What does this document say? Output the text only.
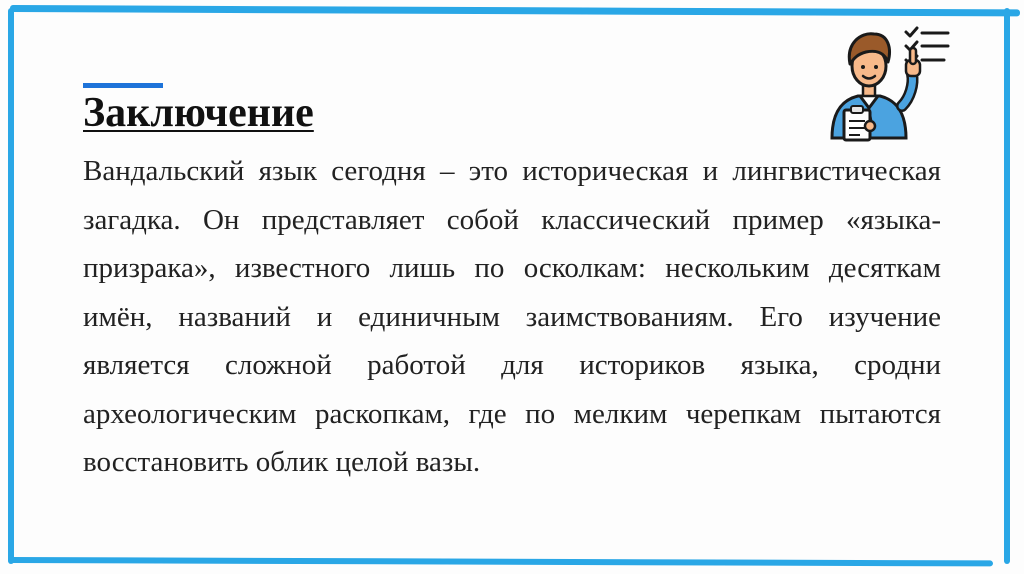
Заключение

Вандальский язык сегодня – это историческая и лингвистическая загадка. Он представляет собой классический пример «языка-призрака», известного лишь по осколкам: нескольким десяткам имён, названий и единичным заимствованиям. Его изучение является сложной работой для историков языка, сродни археологическим раскопкам, где по мелким черепкам пытаются восстановить облик целой вазы.
